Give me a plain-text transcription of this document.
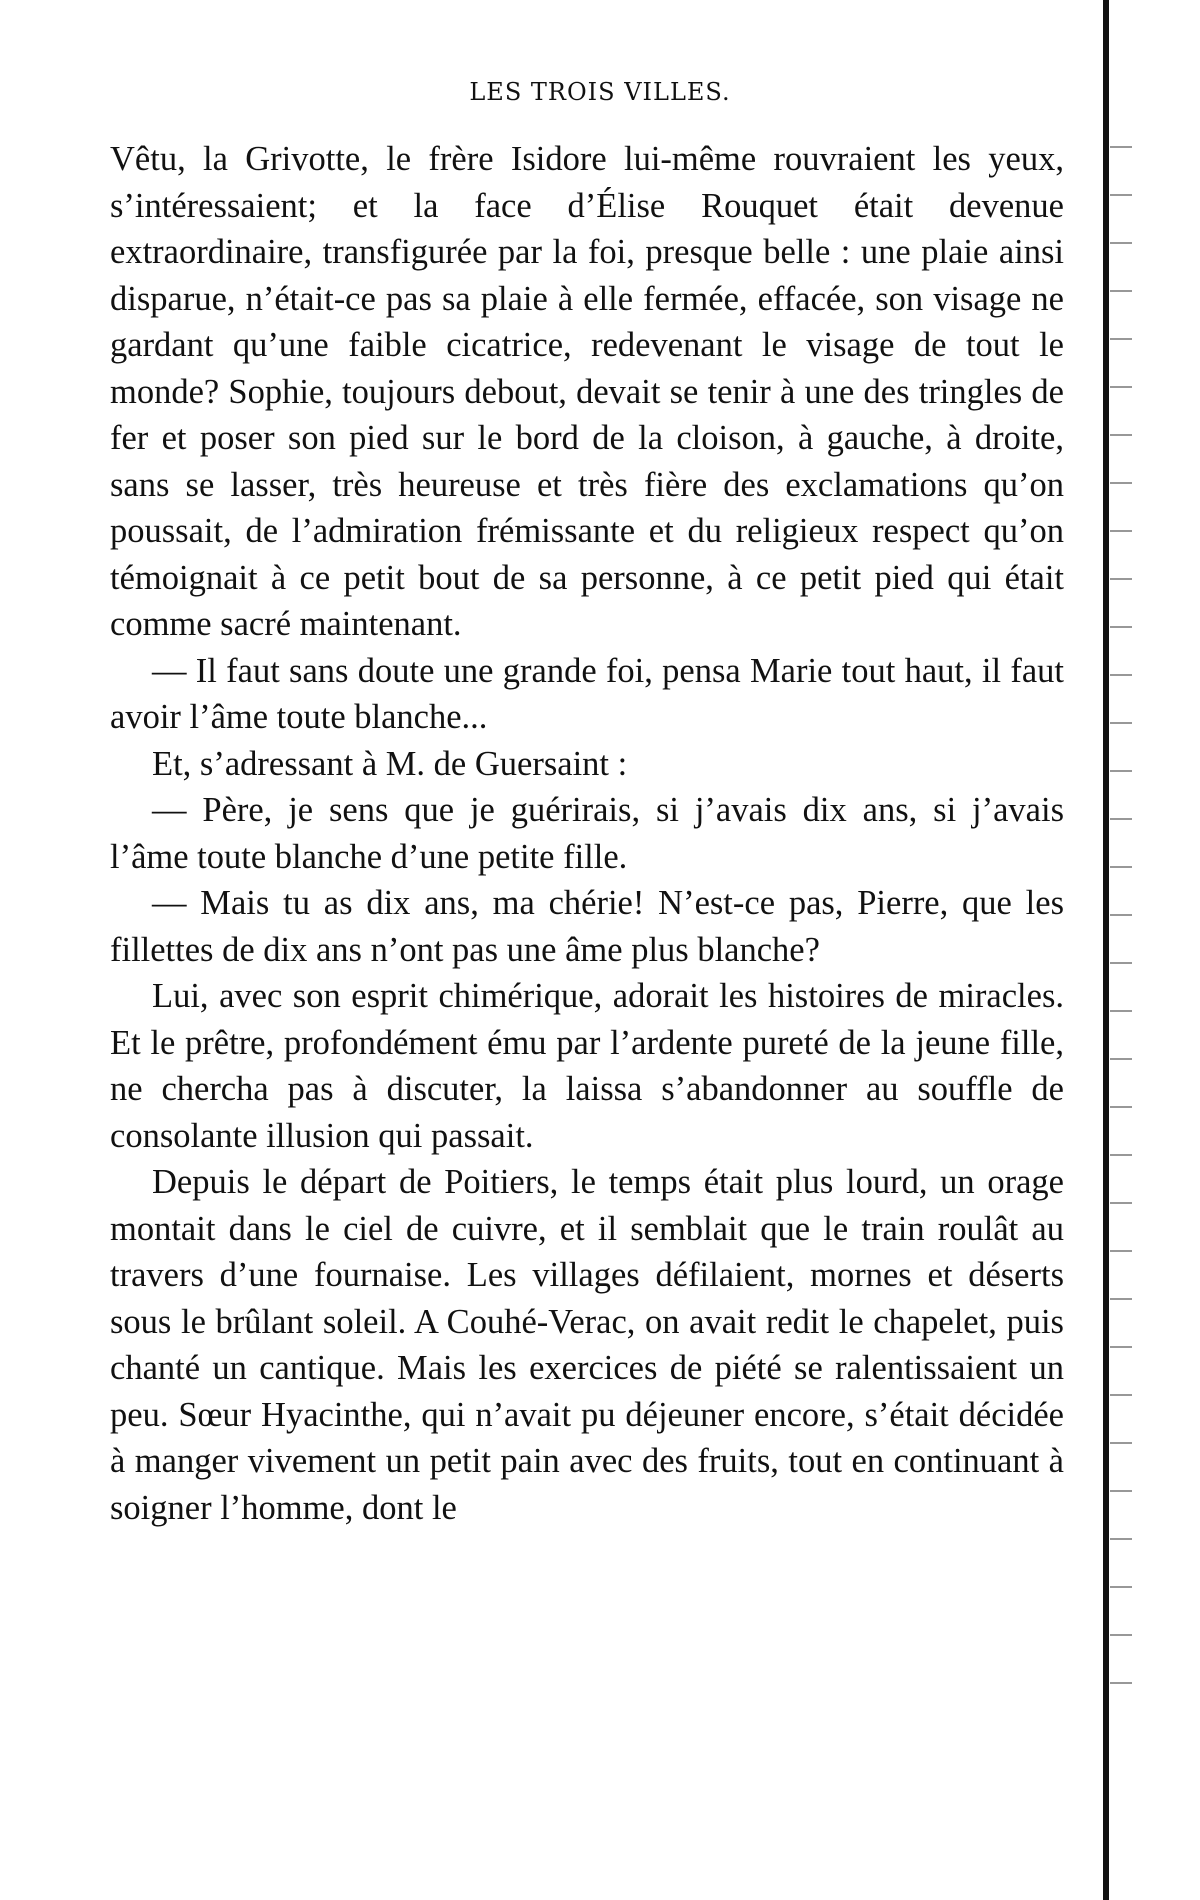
LES TROIS VILLES.

Vêtu, la Grivotte, le frère Isidore lui-même rouvraient les yeux, s’intéressaient; et la face d’Élise Rouquet était devenue extraordinaire, transfigurée par la foi, presque belle : une plaie ainsi disparue, n’était-ce pas sa plaie à elle fermée, effacée, son visage ne gardant qu’une faible cicatrice, redevenant le visage de tout le monde? Sophie, toujours debout, devait se tenir à une des tringles de fer et poser son pied sur le bord de la cloison, à gauche, à droite, sans se lasser, très heureuse et très fière des exclamations qu’on poussait, de l’admiration frémissante et du religieux respect qu’on témoignait à ce petit bout de sa personne, à ce petit pied qui était comme sacré maintenant.

— Il faut sans doute une grande foi, pensa Marie tout haut, il faut avoir l’âme toute blanche...

Et, s’adressant à M. de Guersaint :

— Père, je sens que je guérirais, si j’avais dix ans, si j’avais l’âme toute blanche d’une petite fille.

— Mais tu as dix ans, ma chérie! N’est-ce pas, Pierre, que les fillettes de dix ans n’ont pas une âme plus blanche?

Lui, avec son esprit chimérique, adorait les histoires de miracles. Et le prêtre, profondément ému par l’ardente pureté de la jeune fille, ne chercha pas à discuter, la laissa s’abandonner au souffle de consolante illusion qui passait.

Depuis le départ de Poitiers, le temps était plus lourd, un orage montait dans le ciel de cuivre, et il semblait que le train roulât au travers d’une fournaise. Les villages défilaient, mornes et déserts sous le brûlant soleil. A Couhé-Verac, on avait redit le chapelet, puis chanté un cantique. Mais les exercices de piété se ralentissaient un peu. Sœur Hyacinthe, qui n’avait pu déjeuner encore, s’était décidée à manger vivement un petit pain avec des fruits, tout en continuant à soigner l’homme, dont le
